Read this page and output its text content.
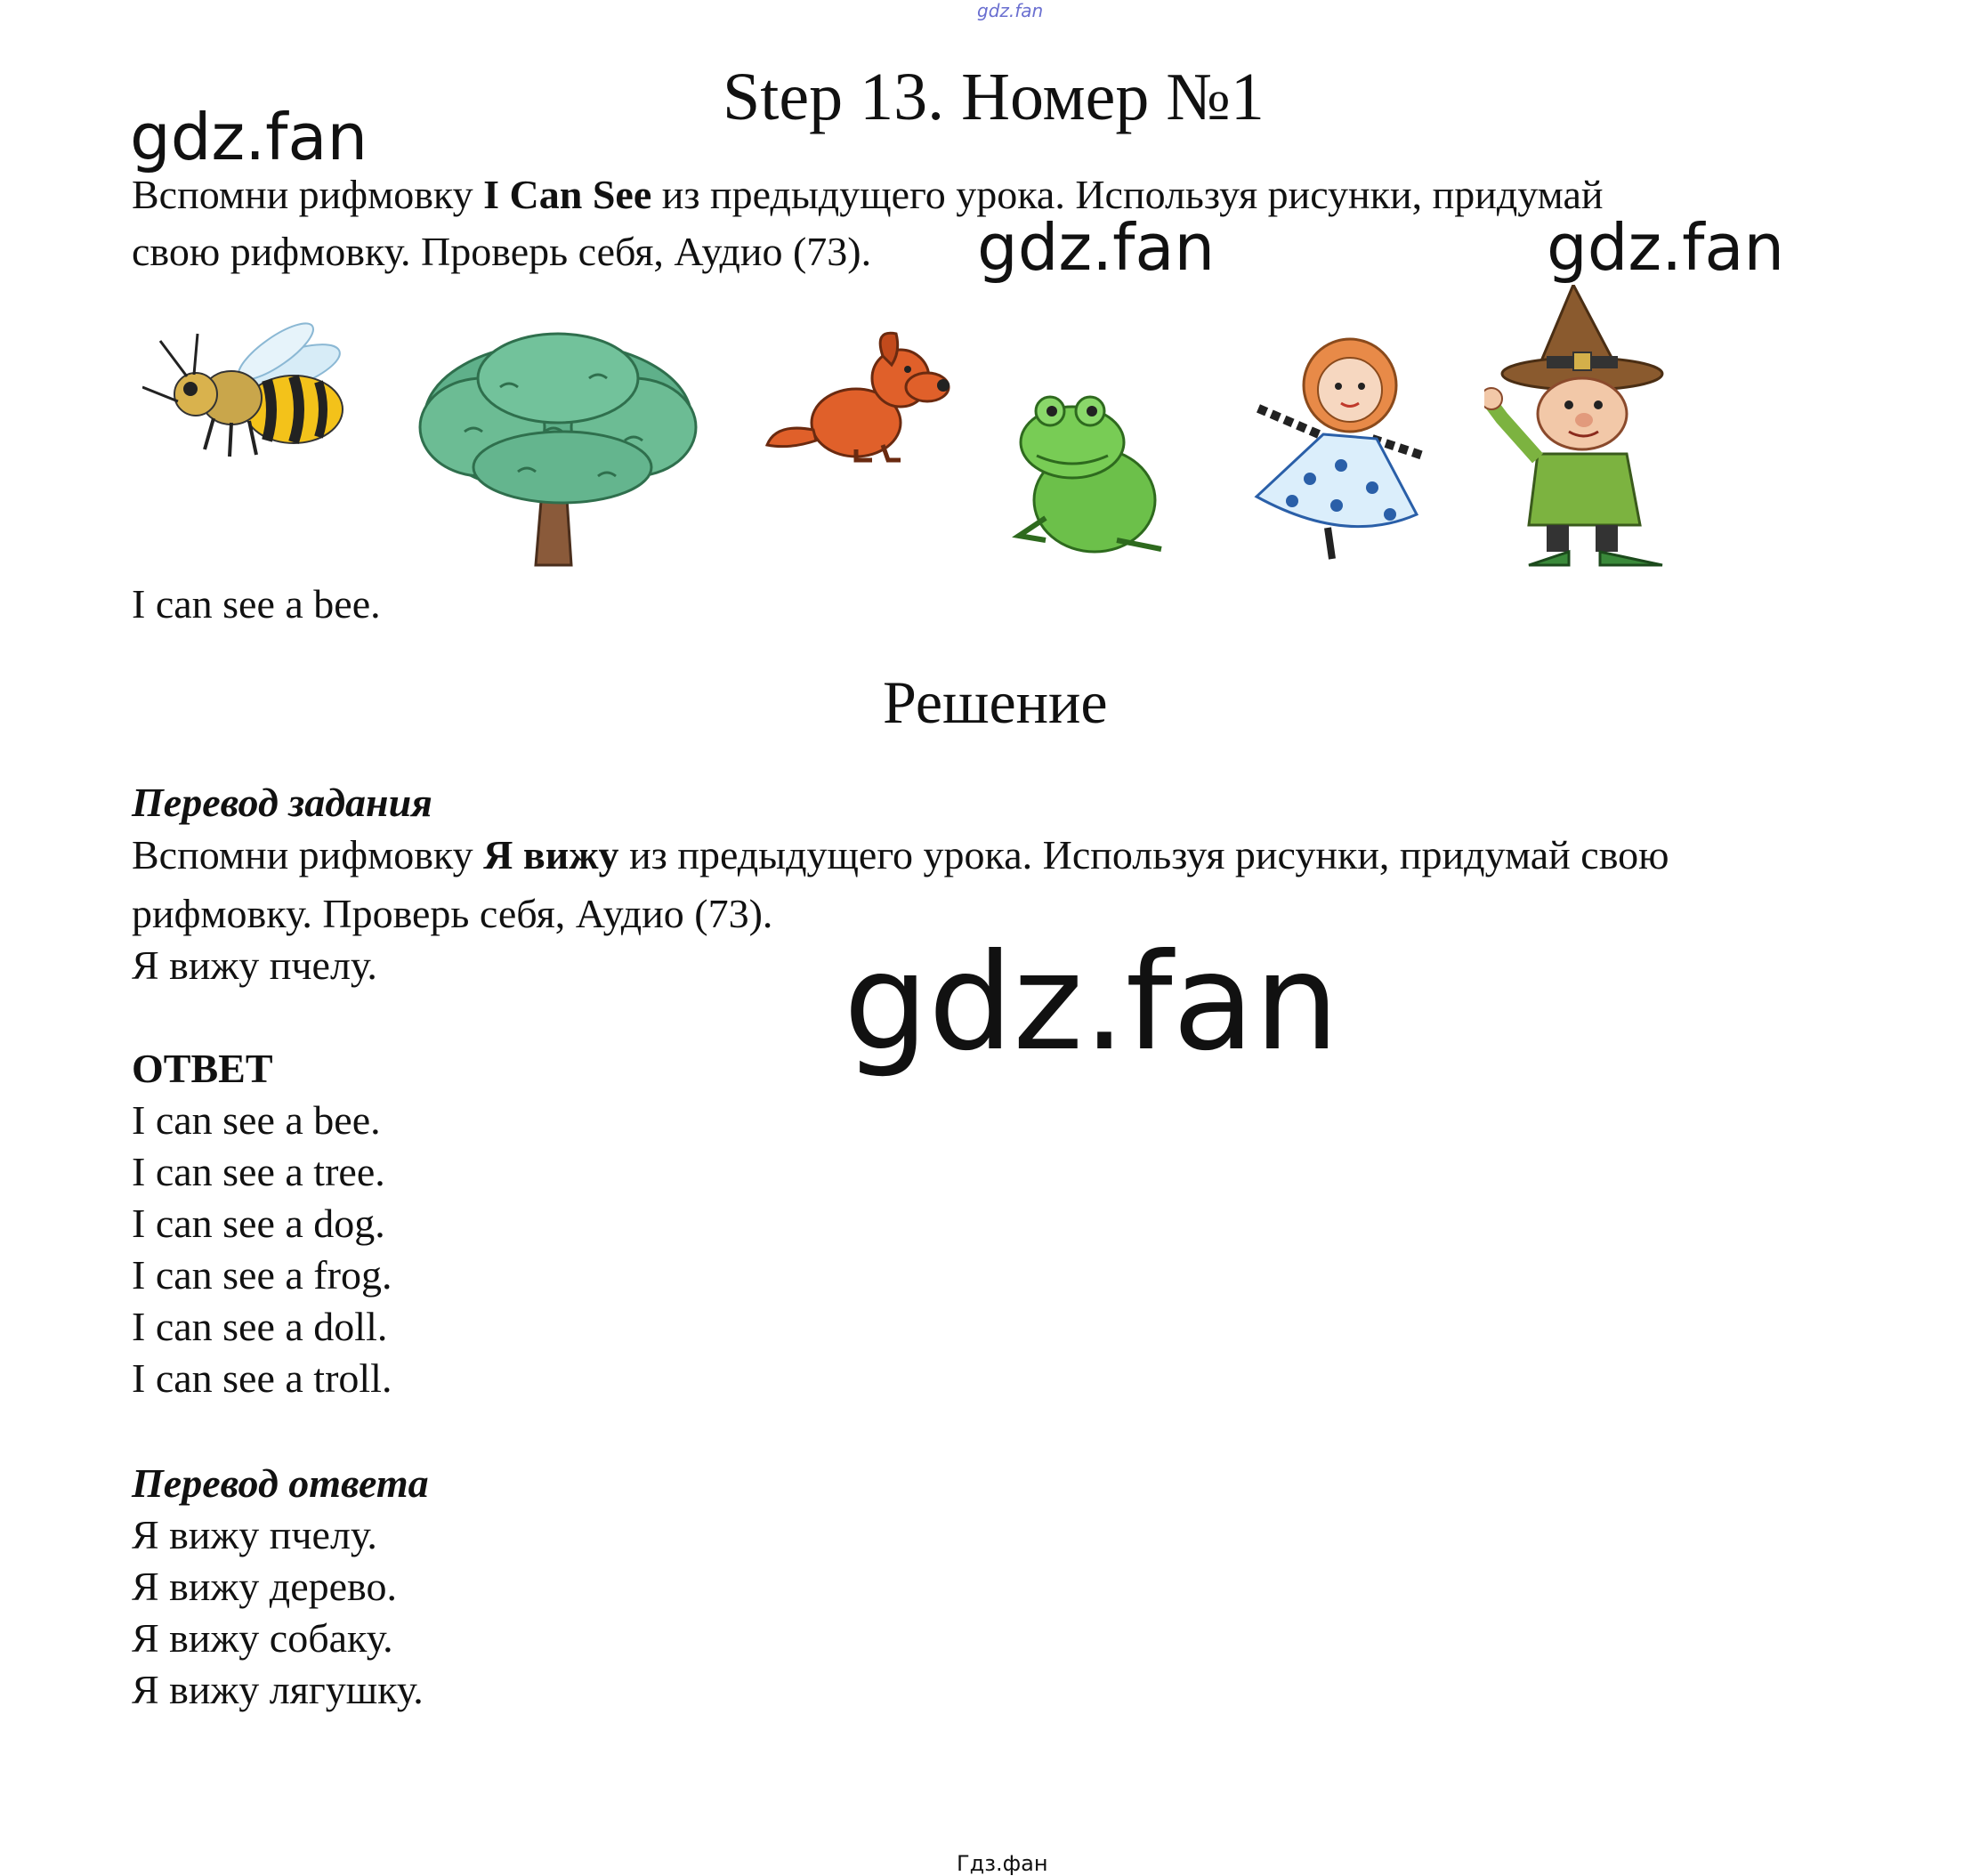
gdz.fan
Step 13. Номер №1
gdz.fan
gdz.fan	gdz.fan
gdz.fan
Вспомни рифмовку I Can See из предыдущего урока. Используя рисунки, придумай
свою рифмовку. Проверь себя, Аудио (73).
I can see a bee.
Решение
Перевод задания
Вспомни рифмовку Я вижу из предыдущего урока. Используя рисунки, придумай свою
рифмовку. Проверь себя, Аудио (73).
Я вижу пчелу.
ОТВЕТ
I can see a bee.
I can see a tree.
I can see a dog.
I can see a frog.
I can see a doll.
I can see a troll.
Перевод ответа
Я вижу пчелу.
Я вижу дерево.
Я вижу собаку.
Я вижу лягушку.
Гдз.фан
